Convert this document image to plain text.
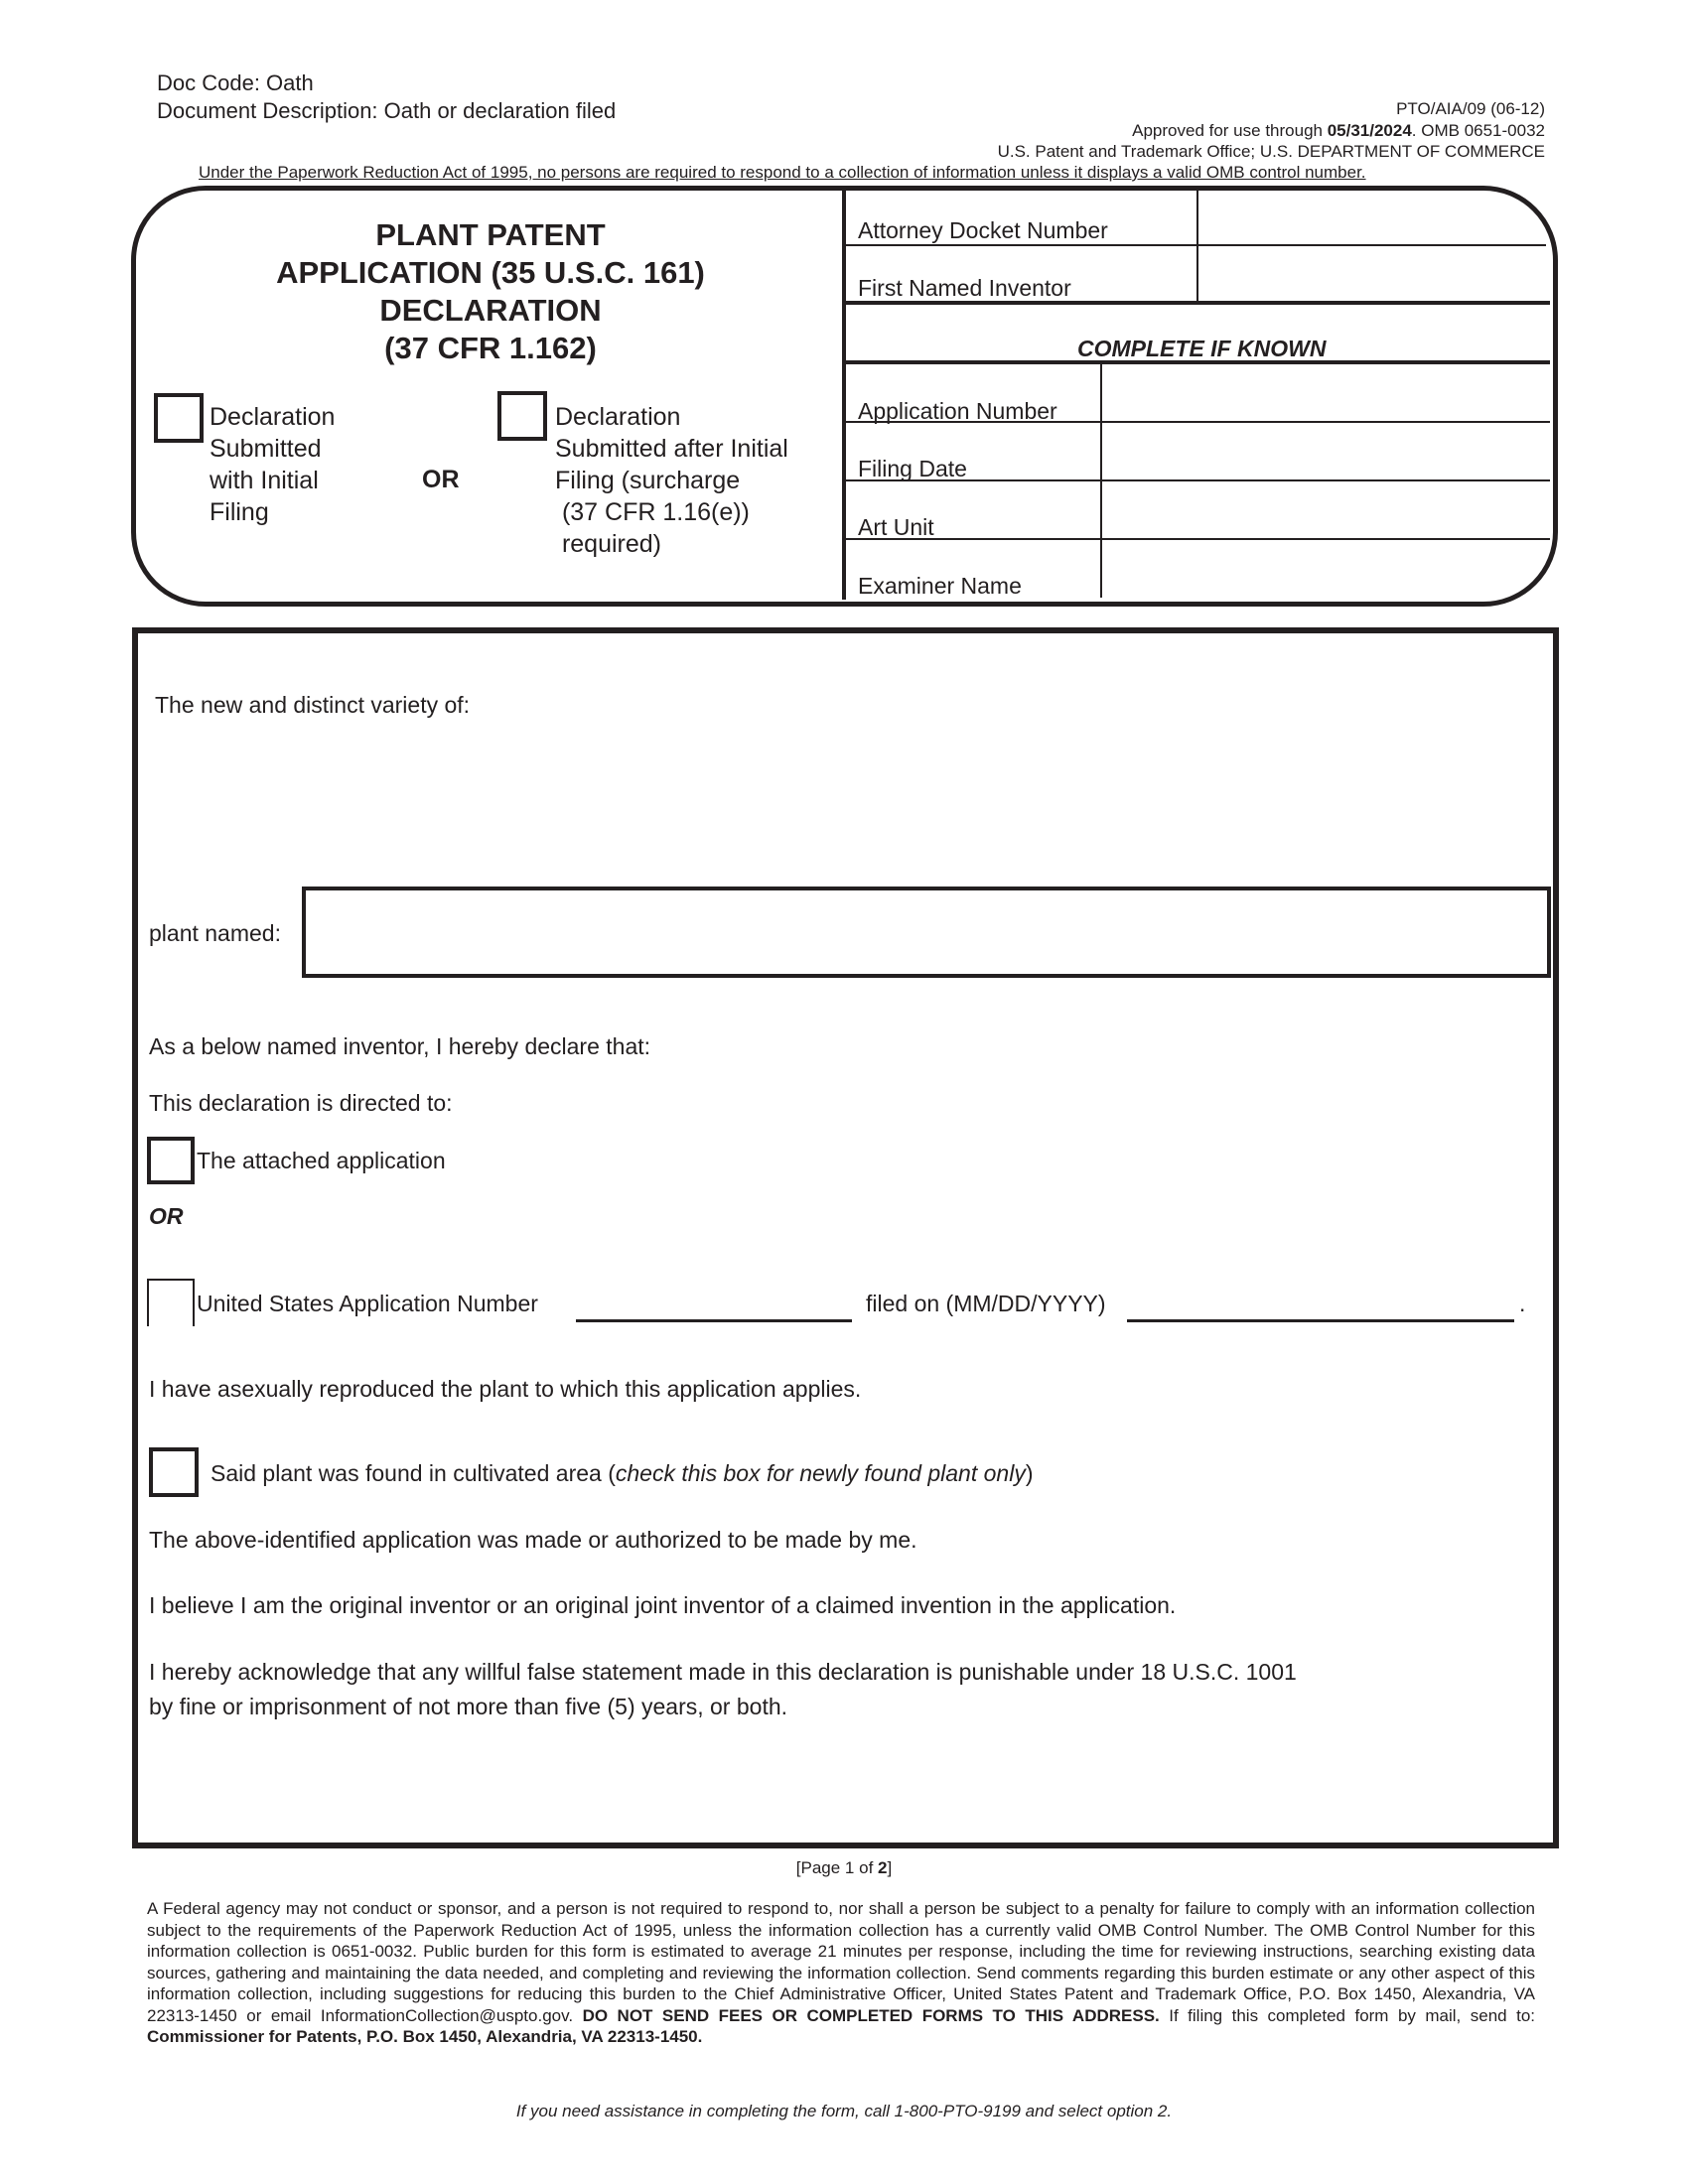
Doc Code: Oath
Document Description: Oath or declaration filed	PTO/AIA/09 (06-12)
Approved for use through 05/31/2024. OMB 0651-0032
U.S. Patent and Trademark Office; U.S. DEPARTMENT OF COMMERCE
Under the Paperwork Reduction Act of 1995, no persons are required to respond to a collection of information unless it displays a valid OMB control number.
PLANT PATENT
APPLICATION (35 U.S.C. 161)
DECLARATION
(37 CFR 1.162)
Declaration
Submitted
with Initial
Filing
OR
Declaration
Submitted after Initial
Filing (surcharge
(37 CFR 1.16(e))
required)
Attorney Docket Number
First Named Inventor
COMPLETE IF KNOWN
Application Number
Filing Date
Art Unit
Examiner Name
The new and distinct variety of:
plant named:
As a below named inventor, I hereby declare that:
This declaration is directed to:
The attached application
OR
United States Application Number	filed on (MM/DD/YYYY)	.
I have asexually reproduced the plant to which this application applies.
Said plant was found in cultivated area (check this box for newly found plant only)
The above-identified application was made or authorized to be made by me.
I believe I am the original inventor or an original joint inventor of a claimed invention in the application.
I hereby acknowledge that any willful false statement made in this declaration is punishable under 18 U.S.C. 1001
by fine or imprisonment of not more than five (5) years, or both.
[Page 1 of 2]
A Federal agency may not conduct or sponsor, and a person is not required to respond to, nor shall a person be subject to a penalty for failure to comply with an information collection subject to the requirements of the Paperwork Reduction Act of 1995, unless the information collection has a currently valid OMB Control Number. The OMB Control Number for this information collection is 0651-0032. Public burden for this form is estimated to average 21 minutes per response, including the time for reviewing instructions, searching existing data sources, gathering and maintaining the data needed, and completing and reviewing the information collection. Send comments regarding this burden estimate or any other aspect of this information collection, including suggestions for reducing this burden to the Chief Administrative Officer, United States Patent and Trademark Office, P.O. Box 1450, Alexandria, VA 22313-1450 or email InformationCollection@uspto.gov. DO NOT SEND FEES OR COMPLETED FORMS TO THIS ADDRESS. If filing this completed form by mail, send to: Commissioner for Patents, P.O. Box 1450, Alexandria, VA 22313-1450.
If you need assistance in completing the form, call 1-800-PTO-9199 and select option 2.
